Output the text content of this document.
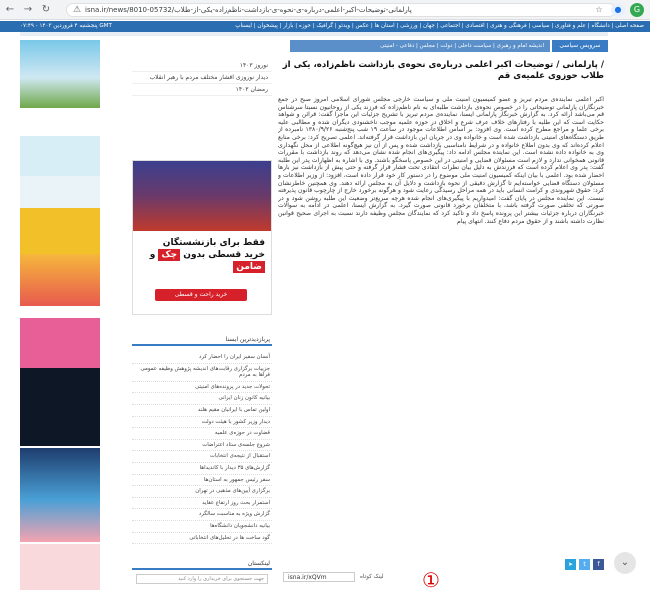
← → ↻	⚠ isna.ir/news/8010-05732/پارلمانی-توضیحات-اکبر-اعلمی-درباره-ی-نحوه-ی-بازداشت-ناظم‌زاده-یکی-از-طلاب	☆	●	G
صفحه اصلی | دانشگاه | علم و فناوری | سیاسی | فرهنگی و هنری | اقتصادی | اجتماعی | جهان | ورزشی | استان ها | عکس | ویدئو | گرافیک | حوزه | بازار | پیشخوان | ایسناپ
پنجشنبه ۴ فروردین ۱۴۰۳ - ۰۷:۴۹ GMT
نوروز ۱۴۰۳
دیدار نوروزی اقشار مختلف مردم با رهبر انقلاب
رمضان ۱۴۰۳
فقط برای بازنشستگان
خرید قسطی بدون چک و
ضامن
خرید راحت و قسطی
پربازدیدترین ایسنا
آنسان سفیر ایران را احضار کرد
جزییات برگزاری رقابت‌های اندیشه پژوهش وظیفه عمومی فراها به مردم
تحولات جدید در پرونده‌های امنیتی
بیانیه کانون زنان ایرانی
اولین تماس با ایرانیان مقیم هلند
دیدار وزیر کشور با هیئت دولت
قضاوت در حوزه‌ی علمیه
شروع جلسه‌ی ستاد اعتراضات
استقبال از نتیجه‌ی انتخابات
گزارش‌های ۳۵ دیدار با کاندیداها
سفر رئیس جمهور به استان‌ها
برگزاری آیین‌های مذهبی در تهران
استمرار بحث روز ارتفاع عقاید
گزارش ویژه به مناسبت سالگرد
بیانیه دانشجویان دانشگاه‌ها
گود ساخت ها در تحلیل‌های انتخاباتی
لینکستان
جهت جستجوی برای خریداری را وارد کنید
سرویس سیاسی
اندیشه امام و رهبری | سیاست داخلی | دولت | مجلس | دفاعی - امنیتی
/ پارلمانی / توضیحات اکبر اعلمی درباره‌ی نحوه‌ی بازداشت ناظم‌زاده، یکی از طلاب حوزوی علمیه‌ی قم
اکبر اعلمی نماینده‌ی مردم تبریز و عضو کمیسیون امنیت ملی و سیاست خارجی مجلس شورای اسلامی امروز صبح در جمع خبرنگاران پارلمانی توضیحاتی را در خصوص نحوه‌ی بازداشت طلبه‌ای به نام ناظم‌زاده که فرزند یکی از روحانیون نسبتا سرشناس قم می‌باشد ارائه کرد. به گزارش خبرنگار پارلمانی ایسنا، نماینده‌ی مردم تبریز با تشریح جزئیات این ماجرا گفت: قرائن و شواهد حکایت است که این طلبه با رفتارهای خلاف عرف شرع و اخلاق در حوزه علمیه موجب ناخشنودی دیگران شده و مطالبی علیه برخی علما و مراجع مطرح کرده است. وی افزود: بر اساس اطلاعات موجود در ساعت ۱۹ شب پنج‌شنبه ۱۳۸۰/۹/۲۶ نامبرده از طریق دستگاه‌های امنیتی بازداشت شده است و خانواده وی در جریان این بازداشت قرار گرفته‌اند. اعلمی تصریح کرد: برخی منابع اعلام کرده‌اند که وی بدون اطلاع خانواده و در شرایط نامناسبی بازداشت شده و پس از آن نیز هیچ‌گونه اطلاعی از محل نگهداری وی به خانواده داده نشده است. این نماینده مجلس ادامه داد: پیگیری‌های انجام شده نشان می‌دهد که روند بازداشت با مقررات قانونی همخوانی ندارد و لازم است مسئولان قضایی و امنیتی در این خصوص پاسخگو باشند. وی با اشاره به اظهارات پدر این طلبه گفت: پدر وی اعلام کرده است که فرزندش به دلیل بیان نظرات انتقادی تحت فشار قرار گرفته و حتی پیش از بازداشت نیز بارها احضار شده بود. اعلمی با بیان اینکه کمیسیون امنیت ملی موضوع را در دستور کار خود قرار داده است، افزود: از وزیر اطلاعات و مسئولان دستگاه قضایی خواسته‌ایم تا گزارش دقیقی از نحوه بازداشت و دلایل آن به مجلس ارائه دهند. وی همچنین خاطرنشان کرد: حقوق شهروندی و کرامت انسانی باید در همه مراحل رسیدگی رعایت شود و هرگونه برخورد خارج از چارچوب قانون پذیرفته نیست. این نماینده مجلس در پایان گفت: امیدواریم با پیگیری‌های انجام شده هرچه سریع‌تر وضعیت این طلبه روشن شود و در صورتی که تخلفی صورت گرفته باشد، با متخلفان برخورد قانونی صورت گیرد. به گزارش ایسنا، اعلمی در ادامه به سوالات خبرنگاران درباره جزئیات بیشتر این پرونده پاسخ داد و تاکید کرد که نمایندگان مجلس وظیفه دارند نسبت به اجرای صحیح قوانین نظارت داشته باشند و از حقوق مردم دفاع کنند. انتهای پیام
①
isna.ir/xQVm	لینک کوتاه
➤	t	f	⌄
